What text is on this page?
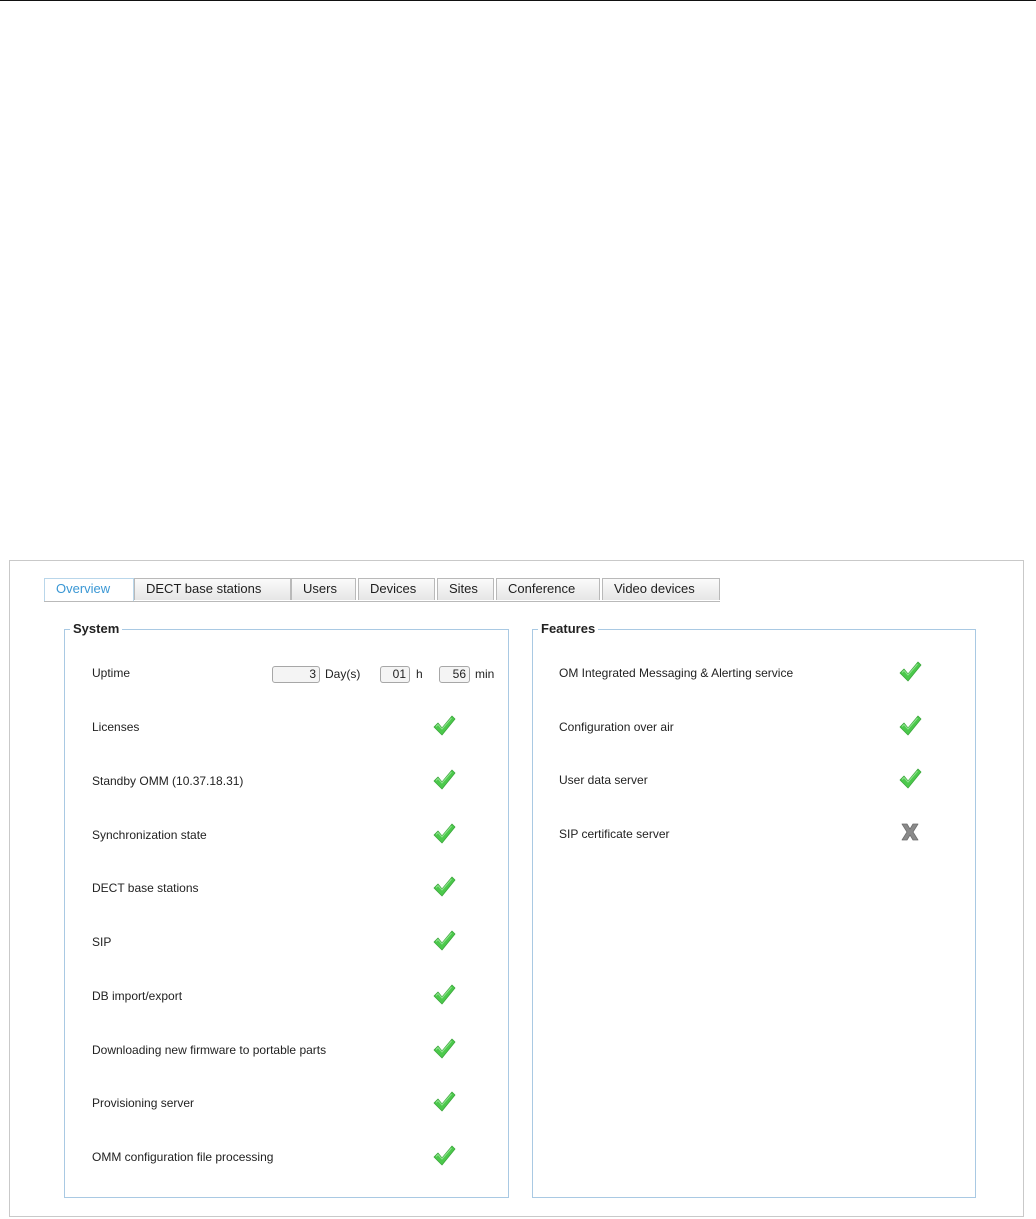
Overview	DECT base stations	Users	Devices	Sites	Conference	Video devices
System
Uptime	3 Day(s)	01 h	56 min
Licenses
Standby OMM (10.37.18.31)
Synchronization state
DECT base stations
SIP
DB import/export
Downloading new firmware to portable parts
Provisioning server
OMM configuration file processing
Features
OM Integrated Messaging & Alerting service
Configuration over air
User data server
SIP certificate server
